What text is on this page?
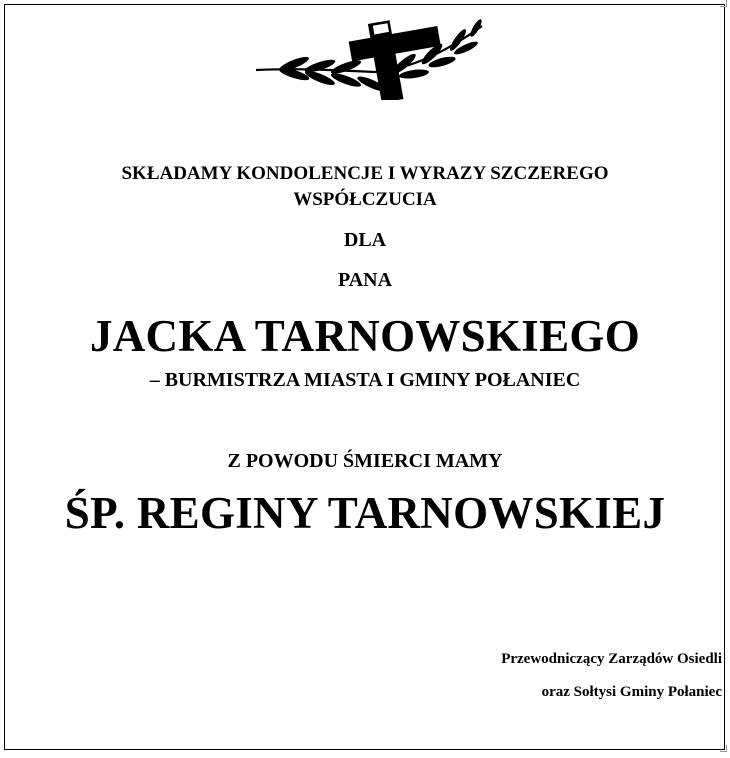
SKŁADAMY KONDOLENCJE I WYRAZY SZCZEREGO
WSPÓŁCZUCIA
DLA
PANA
JACKA TARNOWSKIEGO
– BURMISTRZA MIASTA I GMINY POŁANIEC
Z POWODU ŚMIERCI MAMY
ŚP. REGINY TARNOWSKIEJ
Przewodniczący Zarządów Osiedli
oraz Sołtysi Gminy Połaniec
